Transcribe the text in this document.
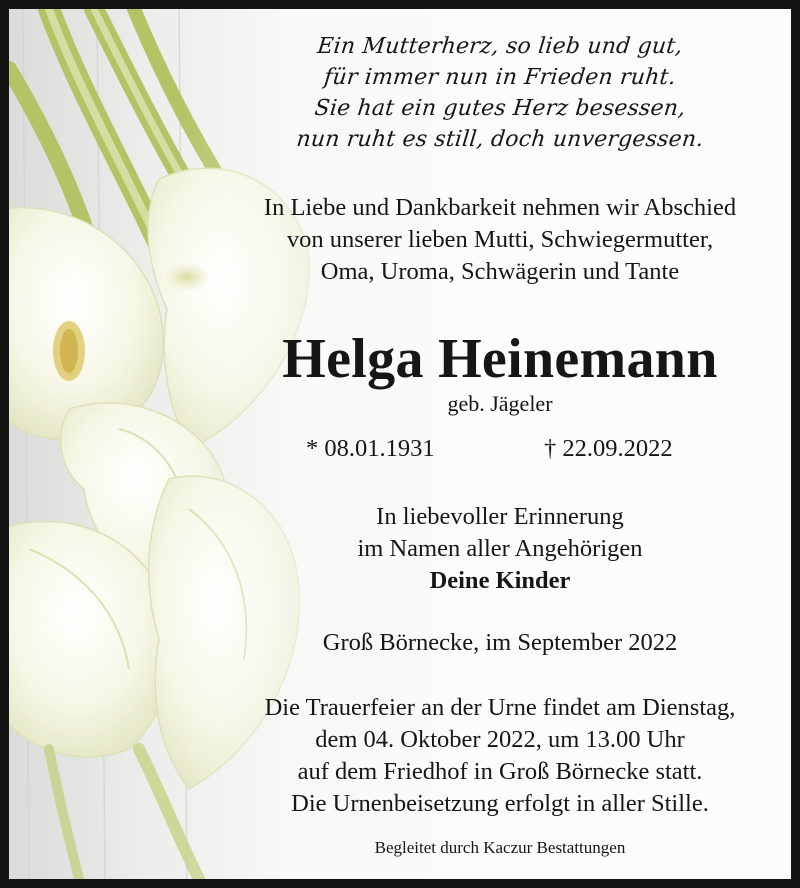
Ein Mutterherz, so lieb und gut,
für immer nun in Frieden ruht.
Sie hat ein gutes Herz besessen,
nun ruht es still, doch unvergessen.
In Liebe und Dankbarkeit nehmen wir Abschied
von unserer lieben Mutti, Schwiegermutter,
Oma, Uroma, Schwägerin und Tante
Helga Heinemann
geb. Jägeler
* 08.01.1931	† 22.09.2022
In liebevoller Erinnerung
im Namen aller Angehörigen
Deine Kinder
Groß Börnecke, im September 2022
Die Trauerfeier an der Urne findet am Dienstag,
dem 04. Oktober 2022, um 13.00 Uhr
auf dem Friedhof in Groß Börnecke statt.
Die Urnenbeisetzung erfolgt in aller Stille.
Begleitet durch Kaczur Bestattungen
